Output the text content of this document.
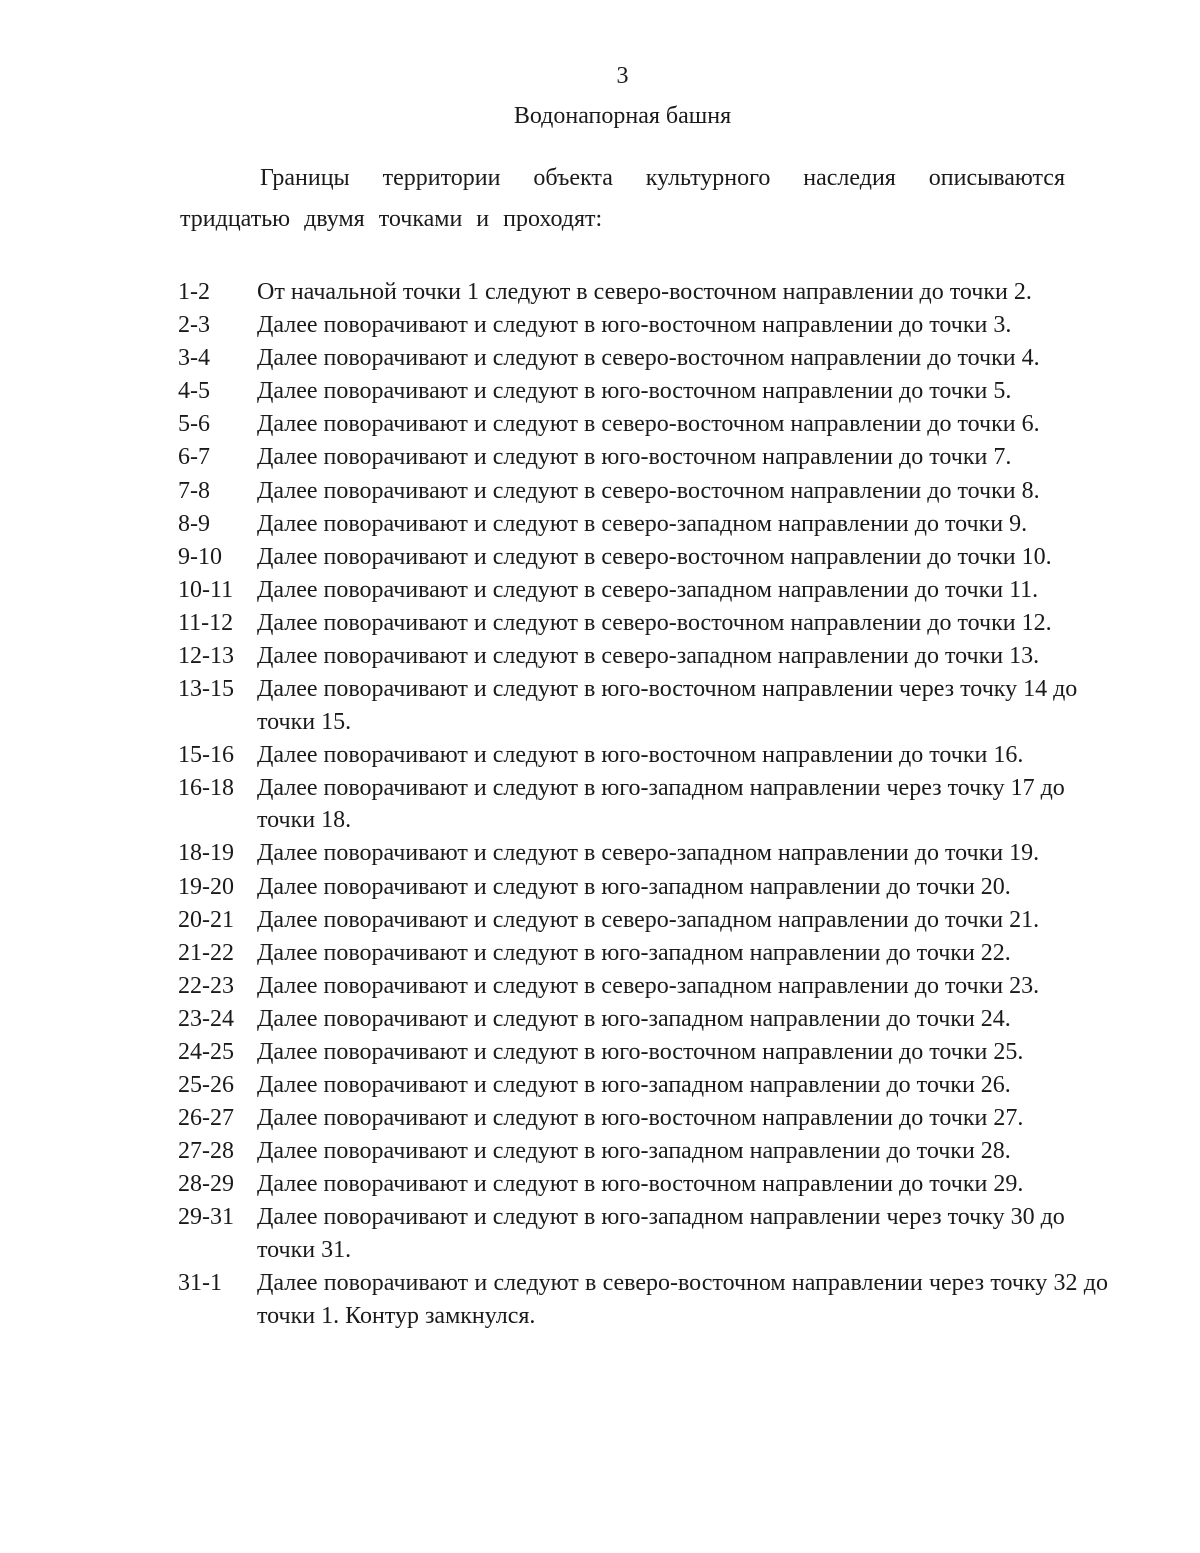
3
Водонапорная башня

Границы территории объекта культурного наследия описываются тридцатью двумя точками и проходят:

1-2	От начальной точки 1 следуют в северо-восточном направлении до точки 2.
2-3	Далее поворачивают и следуют в юго-восточном направлении до точки 3.
3-4	Далее поворачивают и следуют в северо-восточном направлении до точки 4.
4-5	Далее поворачивают и следуют в юго-восточном направлении до точки 5.
5-6	Далее поворачивают и следуют в северо-восточном направлении до точки 6.
6-7	Далее поворачивают и следуют в юго-восточном направлении до точки 7.
7-8	Далее поворачивают и следуют в северо-восточном направлении до точки 8.
8-9	Далее поворачивают и следуют в северо-западном направлении до точки 9.
9-10	Далее поворачивают и следуют в северо-восточном направлении до точки 10.
10-11 Далее поворачивают и следуют в северо-западном направлении до точки 11.
11-12 Далее поворачивают и следуют в северо-восточном направлении до точки 12.
12-13 Далее поворачивают и следуют в северо-западном направлении до точки 13.
13-15 Далее поворачивают и следуют в юго-восточном направлении через точку 14 до точки 15.
15-16 Далее поворачивают и следуют в юго-восточном направлении до точки 16.
16-18 Далее поворачивают и следуют в юго-западном направлении через точку 17 до точки 18.
18-19 Далее поворачивают и следуют в северо-западном направлении до точки 19.
19-20 Далее поворачивают и следуют в юго-западном направлении до точки 20.
20-21 Далее поворачивают и следуют в северо-западном направлении до точки 21.
21-22 Далее поворачивают и следуют в юго-западном направлении до точки 22.
22-23 Далее поворачивают и следуют в северо-западном направлении до точки 23.
23-24 Далее поворачивают и следуют в юго-западном направлении до точки 24.
24-25 Далее поворачивают и следуют в юго-восточном направлении до точки 25.
25-26 Далее поворачивают и следуют в юго-западном направлении до точки 26.
26-27 Далее поворачивают и следуют в юго-восточном направлении до точки 27.
27-28 Далее поворачивают и следуют в юго-западном направлении до точки 28.
28-29 Далее поворачивают и следуют в юго-восточном направлении до точки 29.
29-31 Далее поворачивают и следуют в юго-западном направлении через точку 30 до точки 31.
31-1	Далее поворачивают и следуют в северо-восточном направлении через точку 32 до точки 1. Контур замкнулся.
